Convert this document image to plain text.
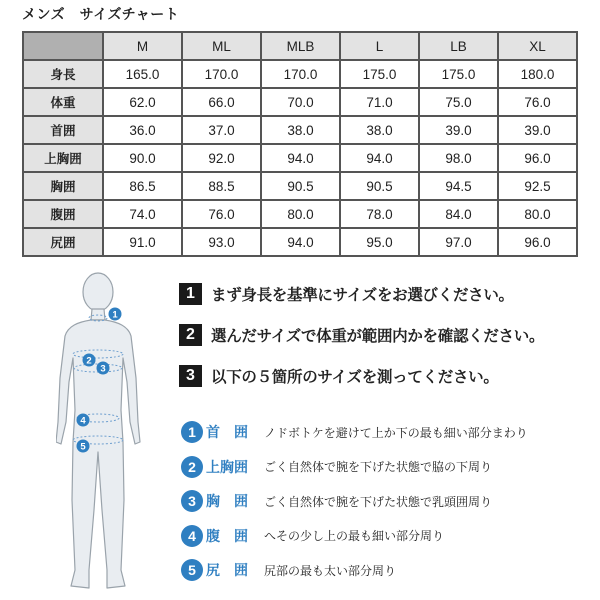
メンズ　サイズチャート
	M	ML	MLB	L	LB	XL
身長	165.0	170.0	170.0	175.0	175.0	180.0
体重	62.0	66.0	70.0	71.0	75.0	76.0
首囲	36.0	37.0	38.0	38.0	39.0	39.0
上胸囲	90.0	92.0	94.0	94.0	98.0	96.0
胸囲	86.5	88.5	90.5	90.5	94.5	92.5
腹囲	74.0	76.0	80.0	78.0	84.0	80.0
尻囲	91.0	93.0	94.0	95.0	97.0	96.0
1
2
3
4
5
1	まず身長を基準にサイズをお選びください。
2	選んだサイズで体重が範囲内かを確認ください。
3	以下の５箇所のサイズを測ってください。
1 首　囲	ノドボトケを避けて上か下の最も細い部分まわり
2 上胸囲	ごく自然体で腕を下げた状態で脇の下周り
3 胸　囲	ごく自然体で腕を下げた状態で乳頭囲周り
4 腹　囲	へその少し上の最も細い部分周り
5 尻　囲	尻部の最も太い部分周り
